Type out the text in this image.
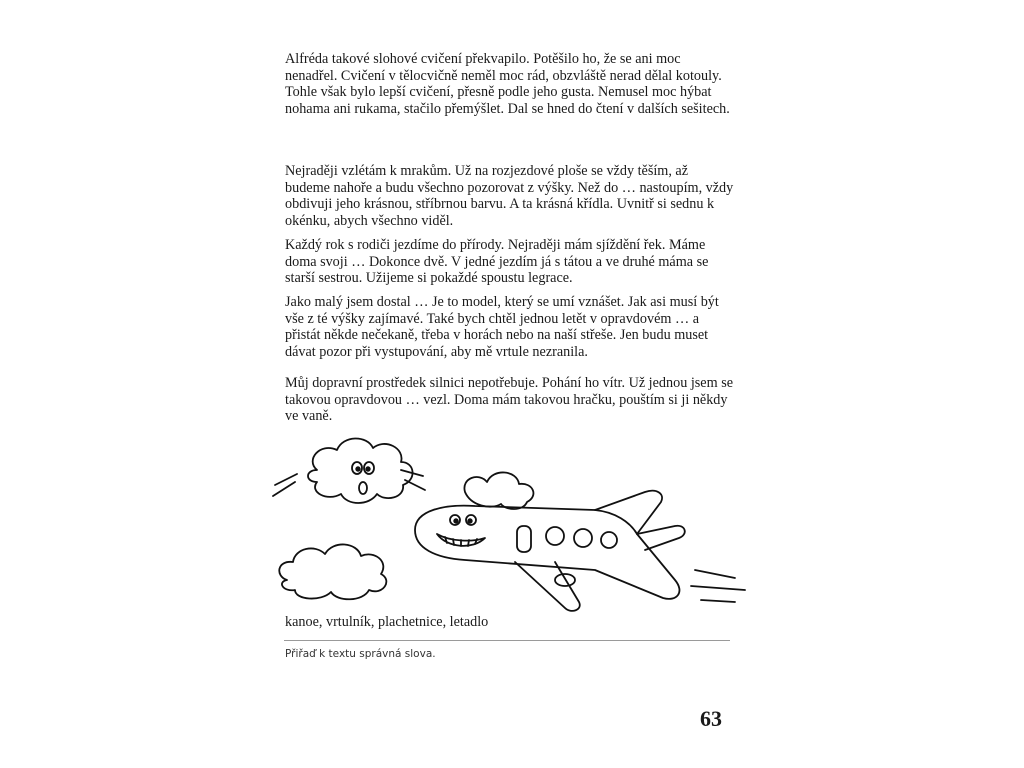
Alfréda takové slohové cvičení překvapilo. Potěšilo ho, že se ani moc nenadřel. Cvičení v tělocvičně neměl moc rád, obzvláště nerad dělal kotouly. Tohle však bylo lepší cvičení, přesně podle jeho gusta. Nemusel moc hýbat nohama ani rukama, stačilo přemýšlet. Dal se hned do čtení v dalších sešitech.

Nejraději vzlétám k mrakům. Už na rozjezdové ploše se vždy těším, až budeme nahoře a budu všechno pozorovat z výšky. Než do … nastoupím, vždy obdivuji jeho krásnou, stříbrnou barvu. A ta krásná křídla. Uvnitř si sednu k okénku, abych všechno viděl.

Každý rok s rodiči jezdíme do přírody. Nejraději mám sjíždění řek. Máme doma svoji … Dokonce dvě. V jedné jezdím já s tátou a ve druhé máma se starší sestrou. Užijeme si pokaždé spoustu legrace.

Jako malý jsem dostal … Je to model, který se umí vznášet. Jak asi musí být vše z té výšky zajímavé. Také bych chtěl jednou letět v opravdovém … a přistát někde nečekaně, třeba v horách nebo na naší střeše. Jen budu muset dávat pozor při vystupování, aby mě vrtule nezranila.

Můj dopravní prostředek silnici nepotřebuje. Pohání ho vítr. Už jednou jsem se takovou opravdovou … vezl. Doma mám takovou hračku, pouštím si ji někdy ve vaně.

kanoe, vrtulník, plachetnice, letadlo
Přiřaď k textu správná slova.
63
